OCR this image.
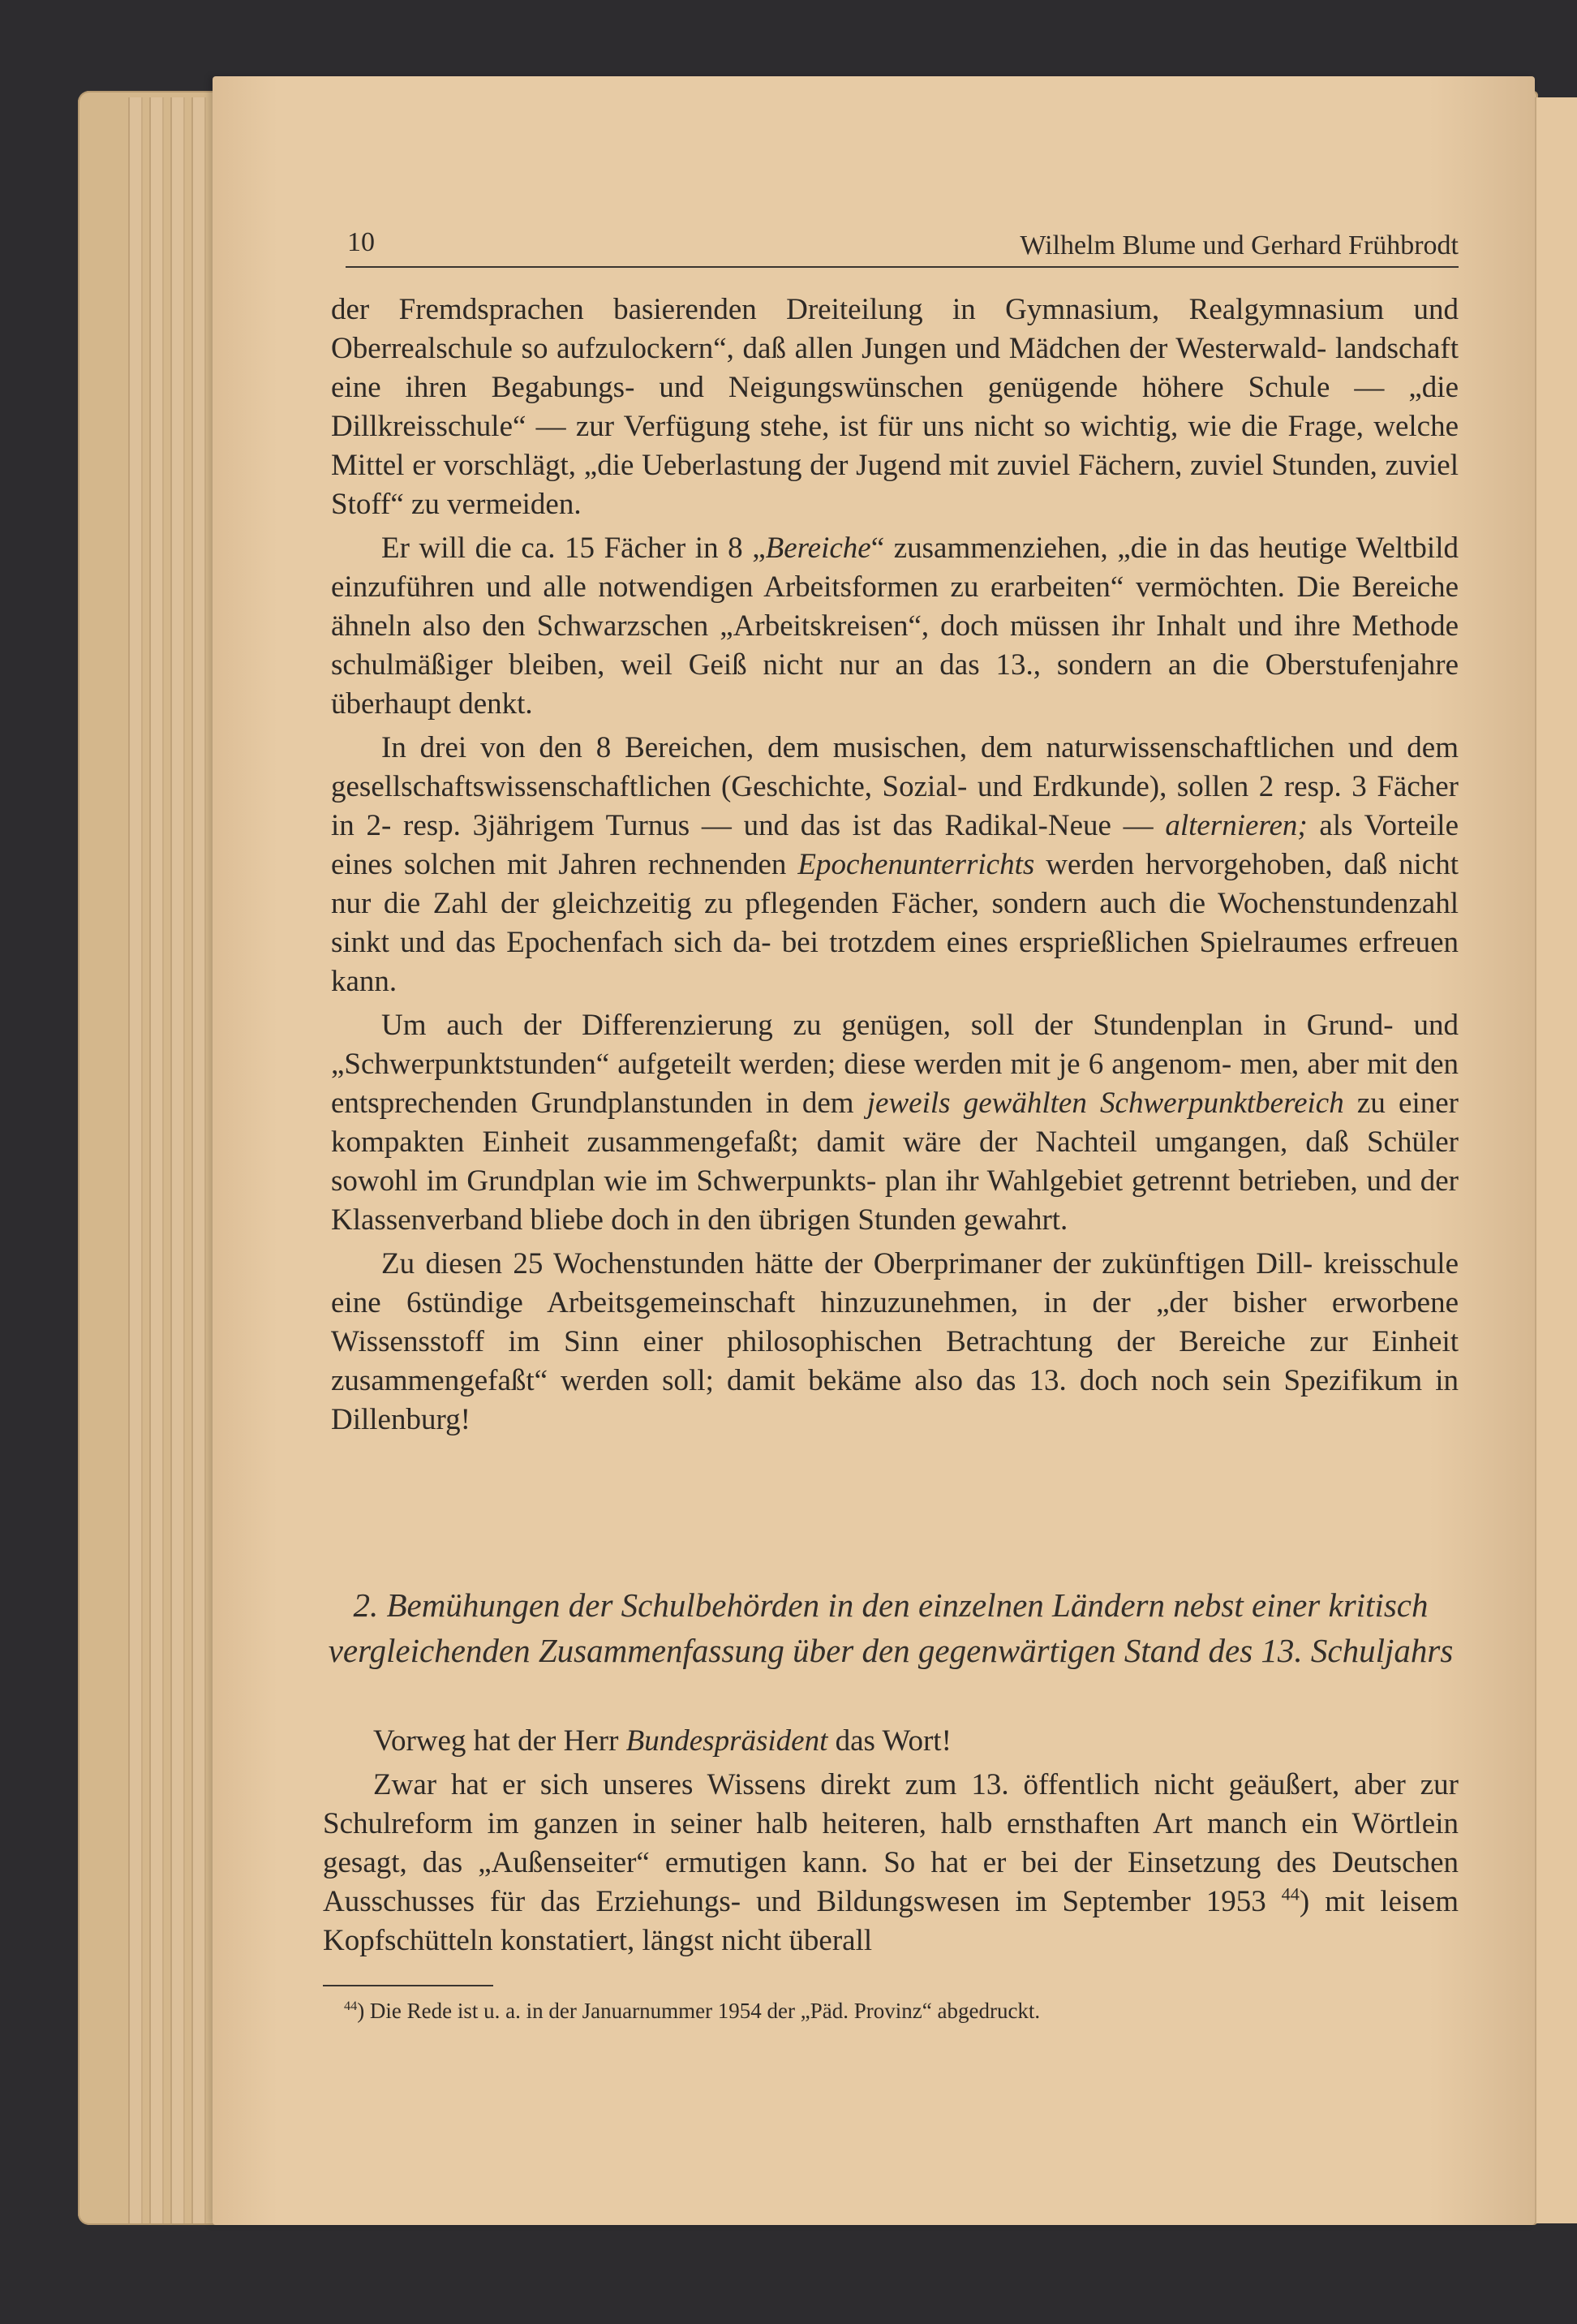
10	Wilhelm Blume und Gerhard Frühbrodt

der Fremdsprachen basierenden Dreiteilung in Gymnasium, Realgymnasium und Oberrealschule so aufzulockern“, daß allen Jungen und Mädchen der Westerwald- landschaft eine ihren Begabungs- und Neigungswünschen genügende höhere Schule — „die Dillkreisschule“ — zur Verfügung stehe, ist für uns nicht so wichtig, wie die Frage, welche Mittel er vorschlägt, „die Ueberlastung der Jugend mit zuviel Fächern, zuviel Stunden, zuviel Stoff“ zu vermeiden.

Er will die ca. 15 Fächer in 8 „Bereiche“ zusammenziehen, „die in das heutige Weltbild einzuführen und alle notwendigen Arbeitsformen zu erarbeiten“ vermöchten. Die Bereiche ähneln also den Schwarzschen „Arbeitskreisen“, doch müssen ihr Inhalt und ihre Methode schulmäßiger bleiben, weil Geiß nicht nur an das 13., sondern an die Oberstufenjahre überhaupt denkt.

In drei von den 8 Bereichen, dem musischen, dem naturwissenschaftlichen und dem gesellschaftswissenschaftlichen (Geschichte, Sozial- und Erdkunde), sollen 2 resp. 3 Fächer in 2- resp. 3jährigem Turnus — und das ist das Radikal-Neue — alternieren; als Vorteile eines solchen mit Jahren rechnenden Epochenunterrichts werden hervorgehoben, daß nicht nur die Zahl der gleichzeitig zu pflegenden Fächer, sondern auch die Wochenstundenzahl sinkt und das Epochenfach sich da- bei trotzdem eines ersprießlichen Spielraumes erfreuen kann.

Um auch der Differenzierung zu genügen, soll der Stundenplan in Grund- und „Schwerpunktstunden“ aufgeteilt werden; diese werden mit je 6 angenom- men, aber mit den entsprechenden Grundplanstunden in dem jeweils gewählten Schwerpunktbereich zu einer kompakten Einheit zusammengefaßt; damit wäre der Nachteil umgangen, daß Schüler sowohl im Grundplan wie im Schwerpunkts- plan ihr Wahlgebiet getrennt betrieben, und der Klassenverband bliebe doch in den übrigen Stunden gewahrt.

Zu diesen 25 Wochenstunden hätte der Oberprimaner der zukünftigen Dill- kreisschule eine 6stündige Arbeitsgemeinschaft hinzuzunehmen, in der „der bisher erworbene Wissensstoff im Sinn einer philosophischen Betrachtung der Bereiche zur Einheit zusammengefaßt“ werden soll; damit bekäme also das 13. doch noch sein Spezifikum in Dillenburg!

2. Bemühungen der Schulbehörden in den einzelnen Ländern nebst einer kritisch vergleichenden Zusammenfassung über den gegenwärtigen Stand des 13. Schuljahrs

Vorweg hat der Herr Bundespräsident das Wort!

Zwar hat er sich unseres Wissens direkt zum 13. öffentlich nicht geäußert, aber zur Schulreform im ganzen in seiner halb heiteren, halb ernsthaften Art manch ein Wörtlein gesagt, das „Außenseiter“ ermutigen kann. So hat er bei der Einsetzung des Deutschen Ausschusses für das Erziehungs- und Bildungswesen im September 1953 $^{44}$) mit leisem Kopfschütteln konstatiert, längst nicht überall

$^{44}$) Die Rede ist u. a. in der Januarnummer 1954 der „Päd. Provinz“ abgedruckt.
